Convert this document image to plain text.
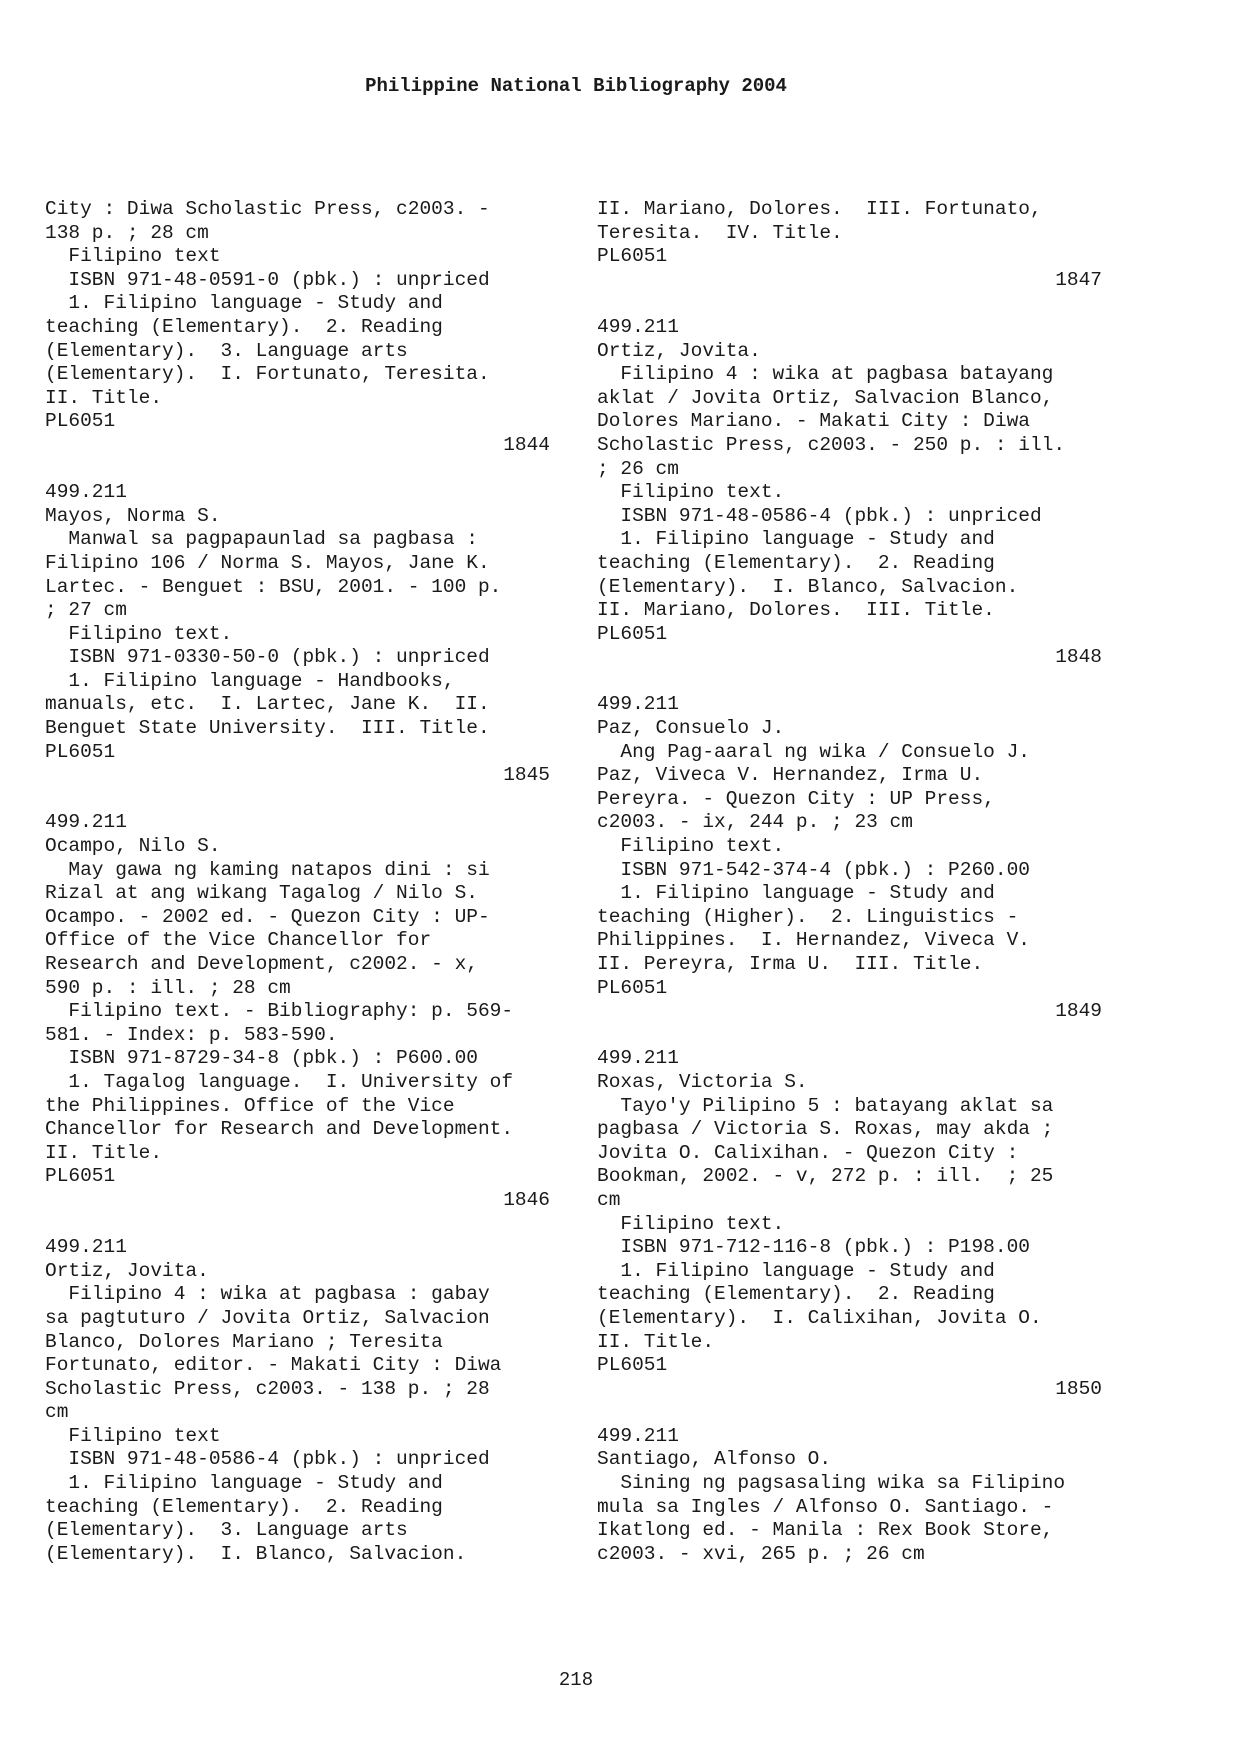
Philippine National Bibliography 2004
City : Diwa Scholastic Press, c2003. -
138 p. ; 28 cm
Filipino text
ISBN 971-48-0591-0 (pbk.) : unpriced
1. Filipino language - Study and
teaching (Elementary).  2. Reading
(Elementary).  3. Language arts
(Elementary).  I. Fortunato, Teresita.
II. Title.
PL6051
1844
499.211
Mayos, Norma S.
Manwal sa pagpapaunlad sa pagbasa :
Filipino 106 / Norma S. Mayos, Jane K.
Lartec. - Benguet : BSU, 2001. - 100 p.
; 27 cm
Filipino text.
ISBN 971-0330-50-0 (pbk.) : unpriced
1. Filipino language - Handbooks,
manuals, etc.  I. Lartec, Jane K.  II.
Benguet State University.  III. Title.
PL6051
1845
499.211
Ocampo, Nilo S.
May gawa ng kaming natapos dini : si
Rizal at ang wikang Tagalog / Nilo S.
Ocampo. - 2002 ed. - Quezon City : UP-
Office of the Vice Chancellor for
Research and Development, c2002. - x,
590 p. : ill. ; 28 cm
Filipino text. - Bibliography: p. 569-
581. - Index: p. 583-590.
ISBN 971-8729-34-8 (pbk.) : P600.00
1. Tagalog language.  I. University of
the Philippines. Office of the Vice
Chancellor for Research and Development.
II. Title.
PL6051
1846
499.211
Ortiz, Jovita.
Filipino 4 : wika at pagbasa : gabay
sa pagtuturo / Jovita Ortiz, Salvacion
Blanco, Dolores Mariano ; Teresita
Fortunato, editor. - Makati City : Diwa
Scholastic Press, c2003. - 138 p. ; 28
cm
Filipino text
ISBN 971-48-0586-4 (pbk.) : unpriced
1. Filipino language - Study and
teaching (Elementary).  2. Reading
(Elementary).  3. Language arts
(Elementary).  I. Blanco, Salvacion.
II. Mariano, Dolores.  III. Fortunato,
Teresita.  IV. Title.
PL6051
1847
499.211
Ortiz, Jovita.
Filipino 4 : wika at pagbasa batayang
aklat / Jovita Ortiz, Salvacion Blanco,
Dolores Mariano. - Makati City : Diwa
Scholastic Press, c2003. - 250 p. : ill.
; 26 cm
Filipino text.
ISBN 971-48-0586-4 (pbk.) : unpriced
1. Filipino language - Study and
teaching (Elementary).  2. Reading
(Elementary).  I. Blanco, Salvacion.
II. Mariano, Dolores.  III. Title.
PL6051
1848
499.211
Paz, Consuelo J.
Ang Pag-aaral ng wika / Consuelo J.
Paz, Viveca V. Hernandez, Irma U.
Pereyra. - Quezon City : UP Press,
c2003. - ix, 244 p. ; 23 cm
Filipino text.
ISBN 971-542-374-4 (pbk.) : P260.00
1. Filipino language - Study and
teaching (Higher).  2. Linguistics -
Philippines.  I. Hernandez, Viveca V.
II. Pereyra, Irma U.  III. Title.
PL6051
1849
499.211
Roxas, Victoria S.
Tayo'y Pilipino 5 : batayang aklat sa
pagbasa / Victoria S. Roxas, may akda ;
Jovita O. Calixihan. - Quezon City :
Bookman, 2002. - v, 272 p. : ill.  ; 25
cm
Filipino text.
ISBN 971-712-116-8 (pbk.) : P198.00
1. Filipino language - Study and
teaching (Elementary).  2. Reading
(Elementary).  I. Calixihan, Jovita O.
II. Title.
PL6051
1850
499.211
Santiago, Alfonso O.
Sining ng pagsasaling wika sa Filipino
mula sa Ingles / Alfonso O. Santiago. -
Ikatlong ed. - Manila : Rex Book Store,
c2003. - xvi, 265 p. ; 26 cm
218
